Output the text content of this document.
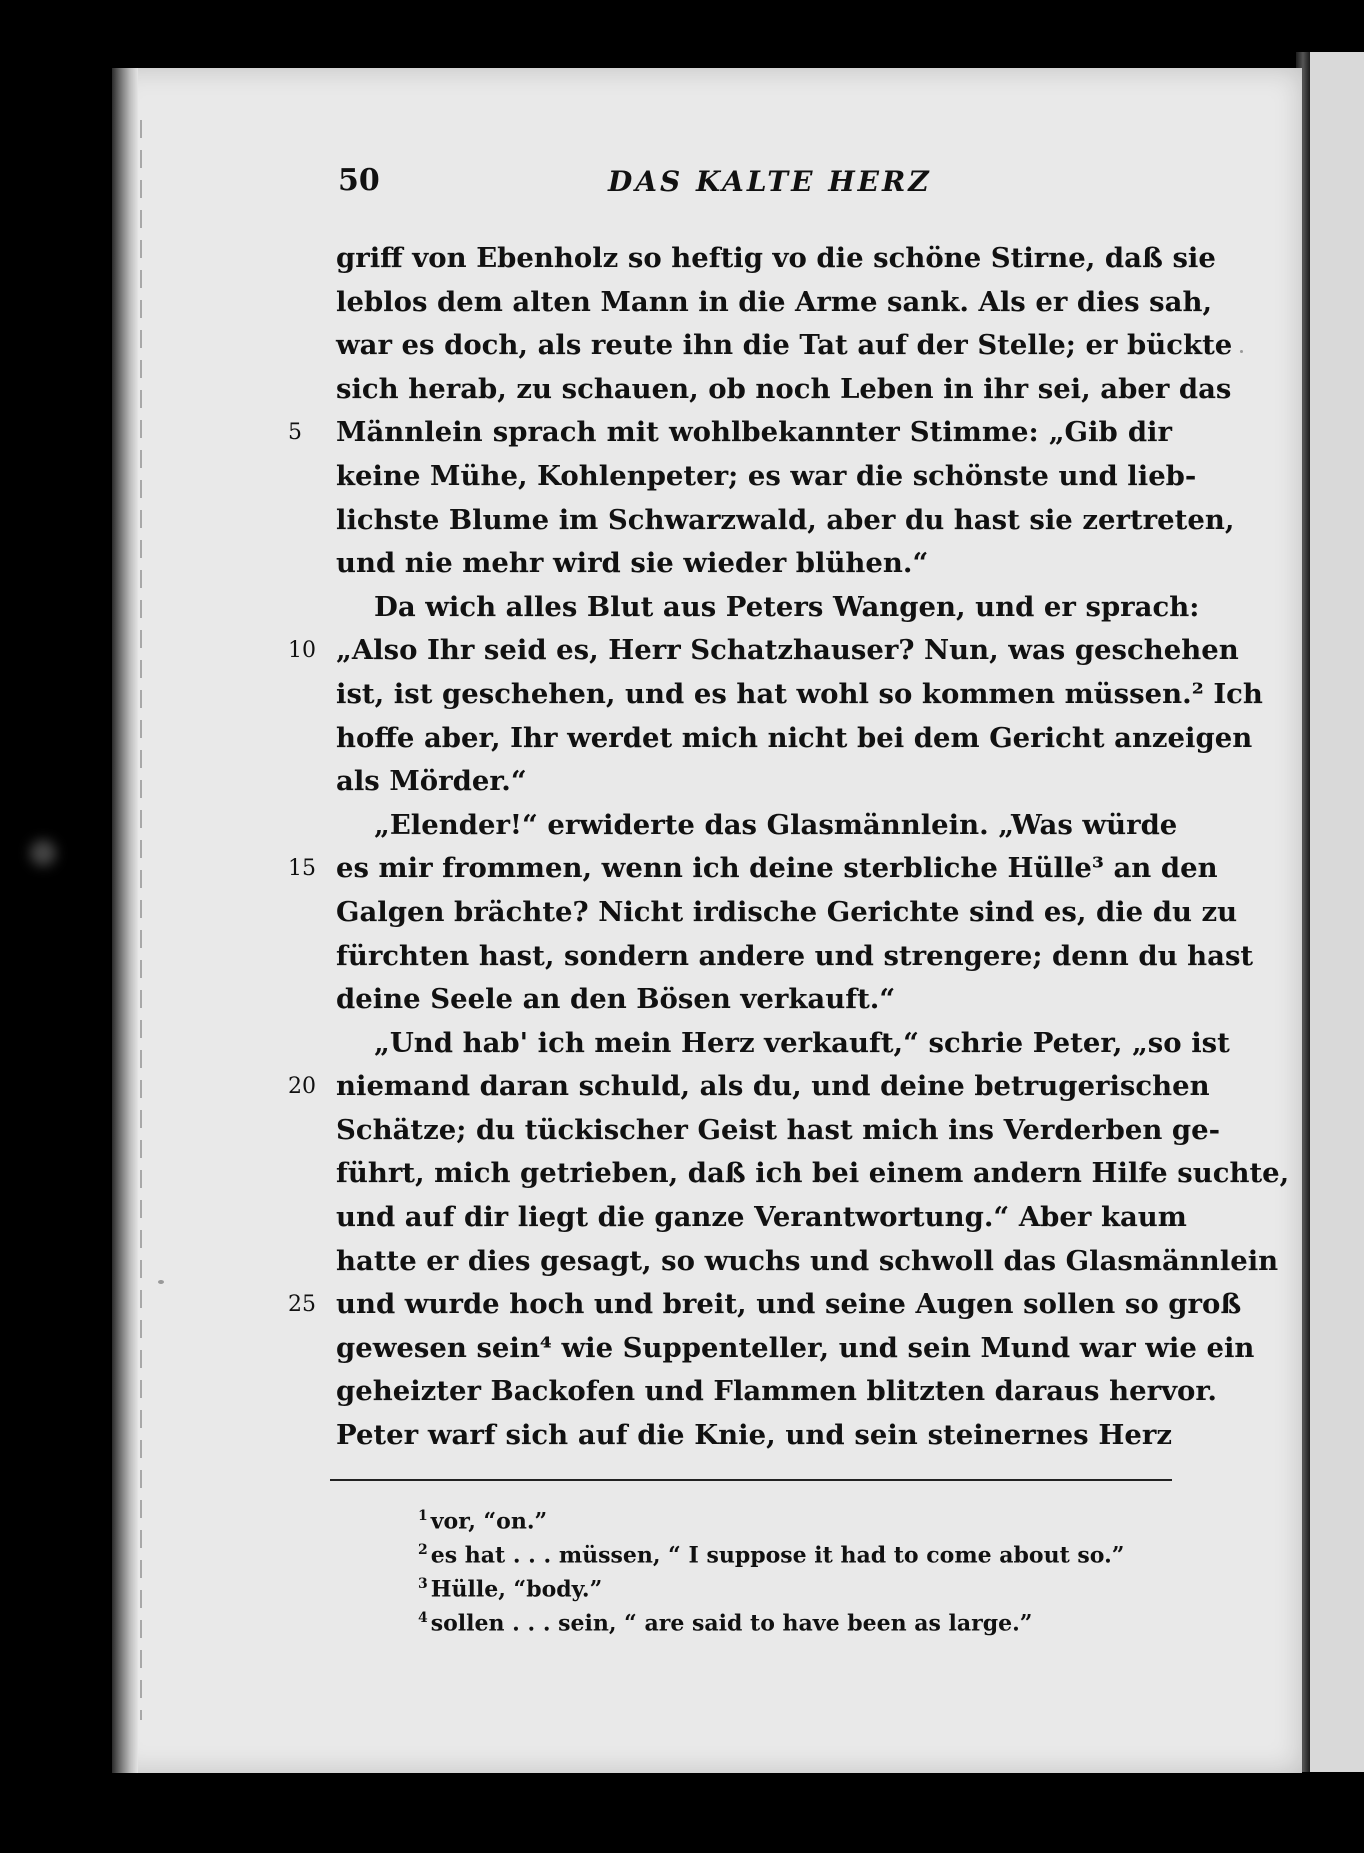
50	DAS KALTE HERZ
griff von Ebenholz so heftig vo die schöne Stirne, daß sie
leblos dem alten Mann in die Arme sank. Als er dies sah,
war es doch, als reute ihn die Tat auf der Stelle; er bückte
sich herab, zu schauen, ob noch Leben in ihr sei, aber das
5	Männlein sprach mit wohlbekannter Stimme: „Gib dir
keine Mühe, Kohlenpeter; es war die schönste und lieb-
lichste Blume im Schwarzwald, aber du hast sie zertreten,
und nie mehr wird sie wieder blühen.“
Da wich alles Blut aus Peters Wangen, und er sprach:
10 „Also Ihr seid es, Herr Schatzhauser? Nun, was geschehen
ist, ist geschehen, und es hat wohl so kommen müssen.² Ich
hoffe aber, Ihr werdet mich nicht bei dem Gericht anzeigen
als Mörder.“
„Elender!“ erwiderte das Glasmännlein. „Was würde
15 es mir frommen, wenn ich deine sterbliche Hülle³ an den
Galgen brächte? Nicht irdische Gerichte sind es, die du zu
fürchten hast, sondern andere und strengere; denn du hast
deine Seele an den Bösen verkauft.“
„Und hab' ich mein Herz verkauft,“ schrie Peter, „so ist
20 niemand daran schuld, als du, und deine betrugerischen
Schätze; du tückischer Geist hast mich ins Verderben ge-
führt, mich getrieben, daß ich bei einem andern Hilfe suchte,
und auf dir liegt die ganze Verantwortung.“ Aber kaum
hatte er dies gesagt, so wuchs und schwoll das Glasmännlein
25 und wurde hoch und breit, und seine Augen sollen so groß
gewesen sein⁴ wie Suppenteller, und sein Mund war wie ein
geheizter Backofen und Flammen blitzten daraus hervor.
Peter warf sich auf die Knie, und sein steinernes Herz
$^1$ vor, “on.”
$^2$ es hat . . . müssen, “ I suppose it had to come about so.”
$^3$ Hülle, “body.”
$^4$ sollen . . . sein, “ are said to have been as large.”
